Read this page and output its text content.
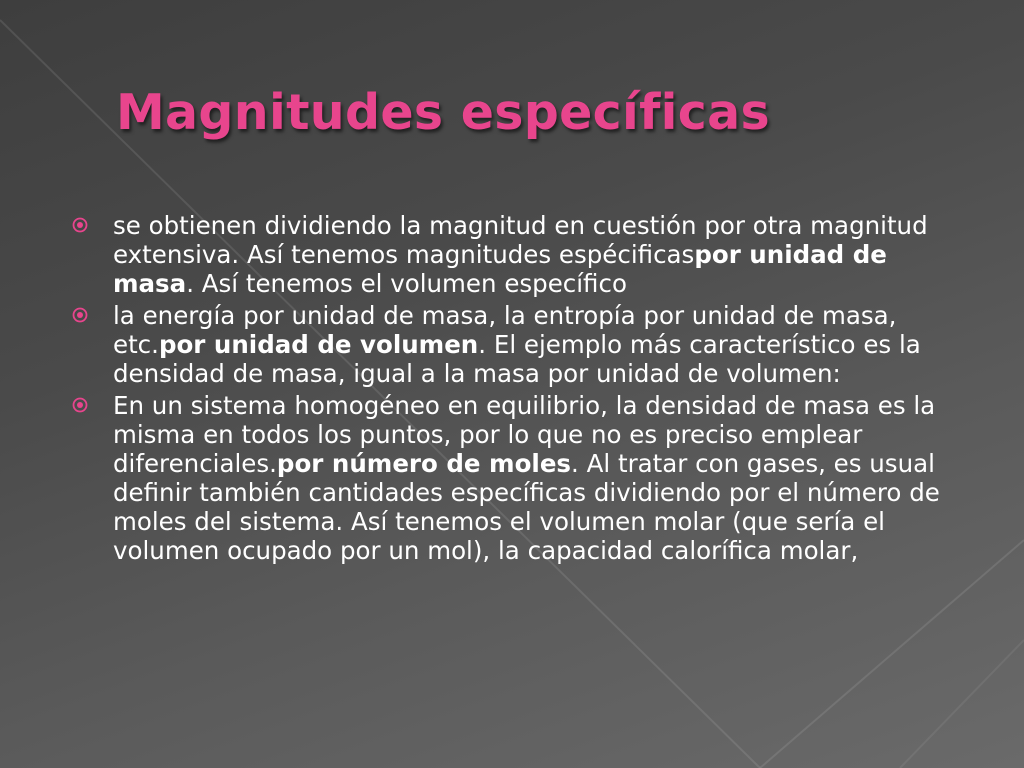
Magnitudes específicas
se obtienen dividiendo la magnitud en cuestión por otra magnitud extensiva. Así tenemos magnitudes espécificaspor unidad de masa. Así tenemos el volumen específico
la energía por unidad de masa, la entropía por unidad de masa, etc.por unidad de volumen. El ejemplo más característico es la densidad de masa, igual a la masa por unidad de volumen:
En un sistema homogéneo en equilibrio, la densidad de masa es la misma en todos los puntos, por lo que no es preciso emplear diferenciales.por número de moles. Al tratar con gases, es usual definir también cantidades específicas dividiendo por el número de moles del sistema. Así tenemos el volumen molar (que sería el volumen ocupado por un mol), la capacidad calorífica molar,
